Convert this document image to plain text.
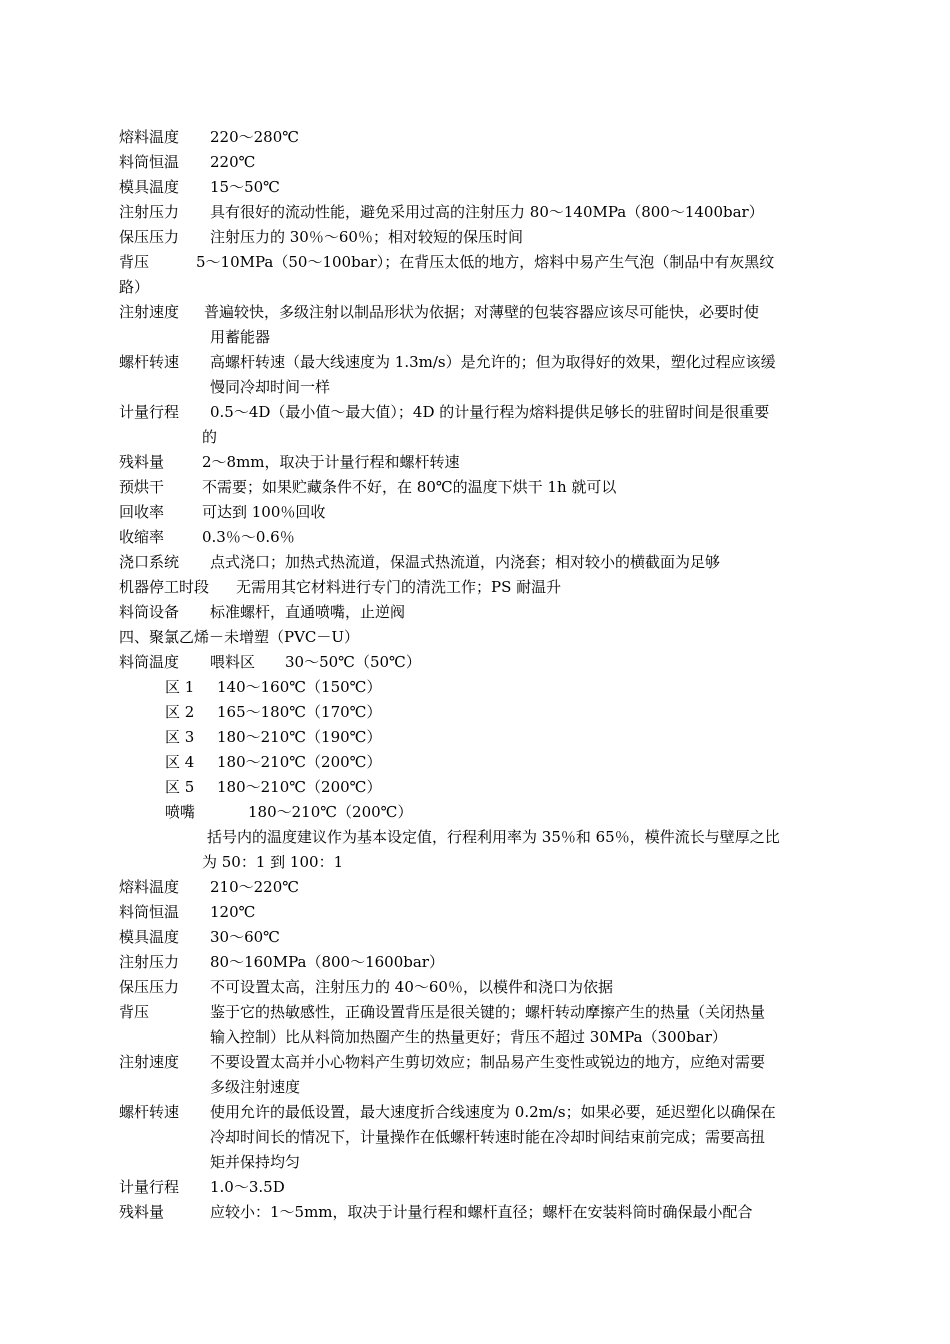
熔料温度 220～280℃
料筒恒温 220℃
模具温度 15～50℃
注射压力 具有很好的流动性能，避免采用过高的注射压力 80～140MPa（800～1400bar）
保压压力 注射压力的 30％～60％；相对较短的保压时间
背压	5～10MPa（50～100bar）；在背压太低的地方，熔料中易产生气泡（制品中有灰黑纹
路）
注射速度 普遍较快，多级注射以制品形状为依据；对薄壁的包装容器应该尽可能快，必要时使
用蓄能器
螺杆转速 高螺杆转速（最大线速度为 1.3m/s）是允许的；但为取得好的效果，塑化过程应该缓
慢同冷却时间一样
计量行程 0.5～4D（最小值～最大值）；4D 的计量行程为熔料提供足够长的驻留时间是很重要
的
残料量	2～8mm，取决于计量行程和螺杆转速
预烘干	不需要；如果贮藏条件不好，在 80℃的温度下烘干 1h 就可以
回收率	可达到 100％回收
收缩率	0.3％～0.6％
浇口系统 点式浇口；加热式热流道，保温式热流道，内浇套；相对较小的横截面为足够
机器停工时段 无需用其它材料进行专门的清洗工作；PS 耐温升
料筒设备 标准螺杆，直通喷嘴，止逆阀
四、聚氯乙烯－未增塑（PVC－U）
料筒温度 喂料区 30～50℃（50℃）
区 1 140～160℃（150℃）
区 2 165～180℃（170℃）
区 3 180～210℃（190℃）
区 4 180～210℃（200℃）
区 5 180～210℃（200℃）
喷嘴	180～210℃（200℃）
括号内的温度建议作为基本设定值，行程利用率为 35％和 65％，模件流长与壁厚之比
为 50：1 到 100：1
熔料温度 210～220℃
料筒恒温 120℃
模具温度 30～60℃
注射压力 80～160MPa（800～1600bar）
保压压力 不可设置太高，注射压力的 40～60％，以模件和浇口为依据
背压	鉴于它的热敏感性，正确设置背压是很关键的；螺杆转动摩擦产生的热量（关闭热量
输入控制）比从料筒加热圈产生的热量更好；背压不超过 30MPa（300bar）
注射速度 不要设置太高并小心物料产生剪切效应；制品易产生变性或锐边的地方，应绝对需要
多级注射速度
螺杆转速 使用允许的最低设置，最大速度折合线速度为 0.2m/s；如果必要，延迟塑化以确保在
冷却时间长的情况下，计量操作在低螺杆转速时能在冷却时间结束前完成；需要高扭
矩并保持均匀
计量行程 1.0～3.5D
残料量	应较小：1～5mm，取决于计量行程和螺杆直径；螺杆在安装料筒时确保最小配合
